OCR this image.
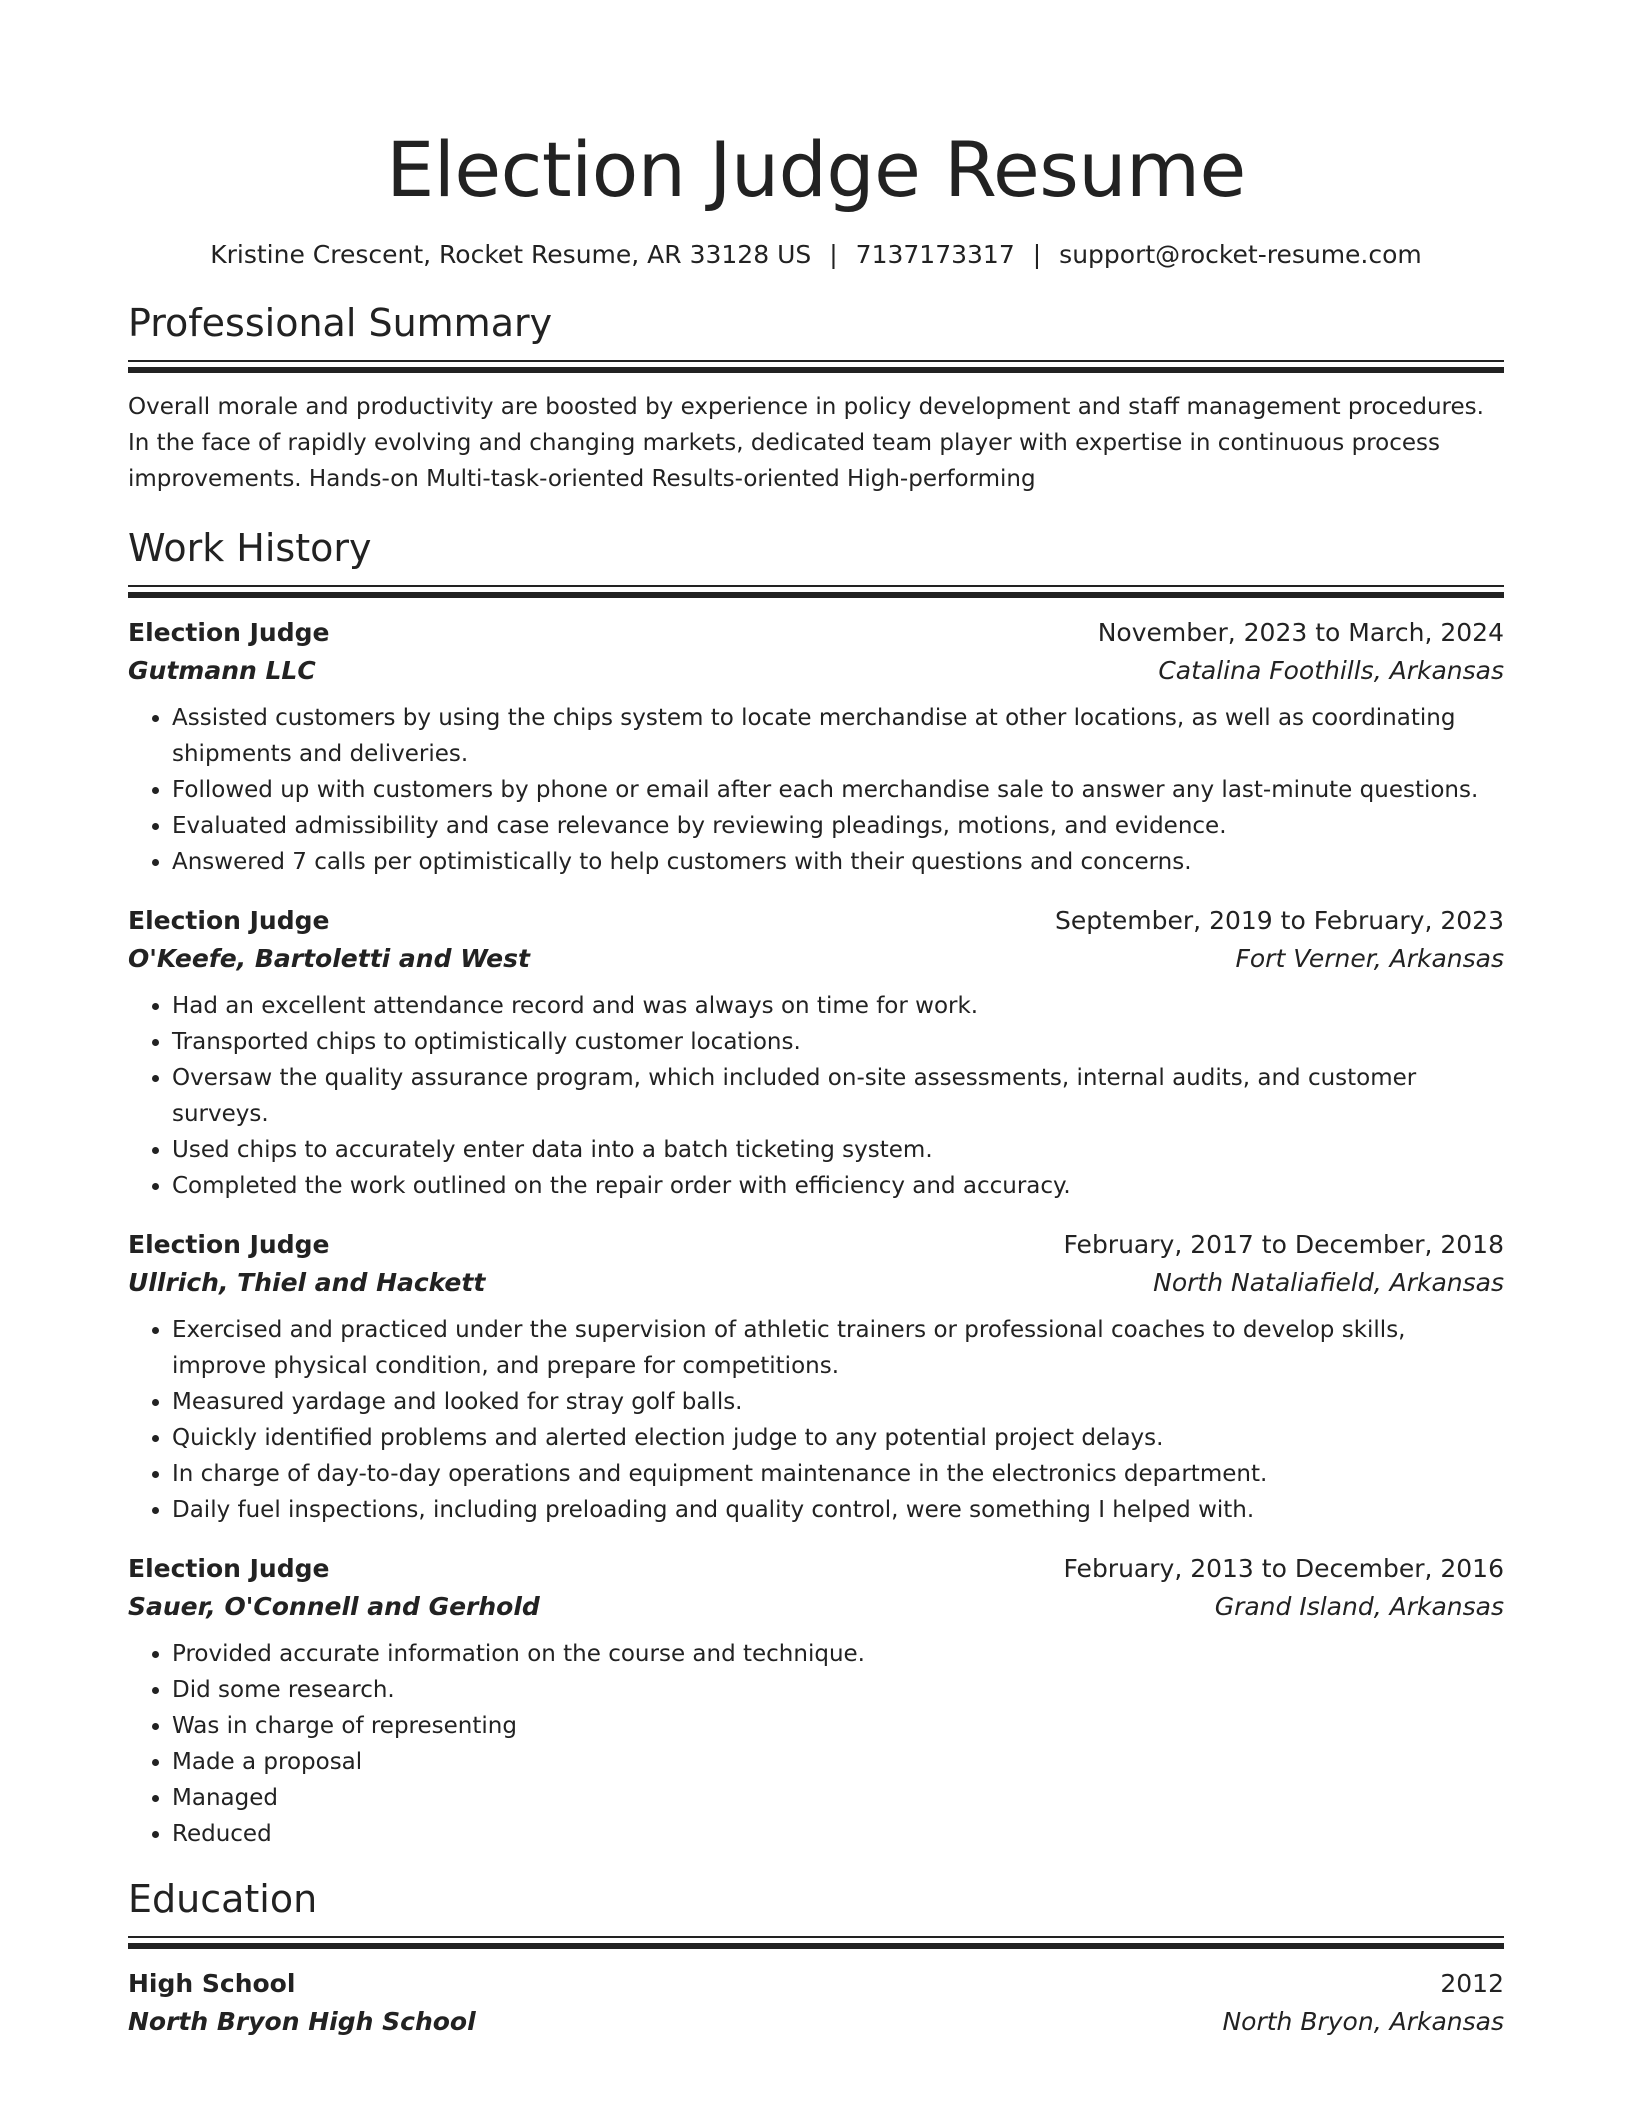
Election Judge Resume
Kristine Crescent, Rocket Resume, AR 33128 US | 7137173317 | support@rocket-resume.com
Professional Summary

Overall morale and productivity are boosted by experience in policy development and staff management procedures. In the face of rapidly evolving and changing markets, dedicated team player with expertise in continuous process improvements. Hands-on Multi-task-oriented Results-oriented High-performing

Work History
Election Judge	November, 2023 to March, 2024
Gutmann LLC	Catalina Foothills, Arkansas
• Assisted customers by using the chips system to locate merchandise at other locations, as well as coordinating shipments and deliveries.
• Followed up with customers by phone or email after each merchandise sale to answer any last-minute questions.
• Evaluated admissibility and case relevance by reviewing pleadings, motions, and evidence.
• Answered 7 calls per optimistically to help customers with their questions and concerns.
Election Judge	September, 2019 to February, 2023
O'Keefe, Bartoletti and West	Fort Verner, Arkansas
• Had an excellent attendance record and was always on time for work.
• Transported chips to optimistically customer locations.
• Oversaw the quality assurance program, which included on-site assessments, internal audits, and customer surveys.
• Used chips to accurately enter data into a batch ticketing system.
• Completed the work outlined on the repair order with efficiency and accuracy.
Election Judge	February, 2017 to December, 2018
Ullrich, Thiel and Hackett	North Nataliafield, Arkansas
• Exercised and practiced under the supervision of athletic trainers or professional coaches to develop skills, improve physical condition, and prepare for competitions.
• Measured yardage and looked for stray golf balls.
• Quickly identified problems and alerted election judge to any potential project delays.
• In charge of day-to-day operations and equipment maintenance in the electronics department.
• Daily fuel inspections, including preloading and quality control, were something I helped with.
Election Judge	February, 2013 to December, 2016
Sauer, O'Connell and Gerhold	Grand Island, Arkansas
• Provided accurate information on the course and technique.
• Did some research.
• Was in charge of representing
• Made a proposal
• Managed
• Reduced
Education
High School	2012
North Bryon High School	North Bryon, Arkansas
